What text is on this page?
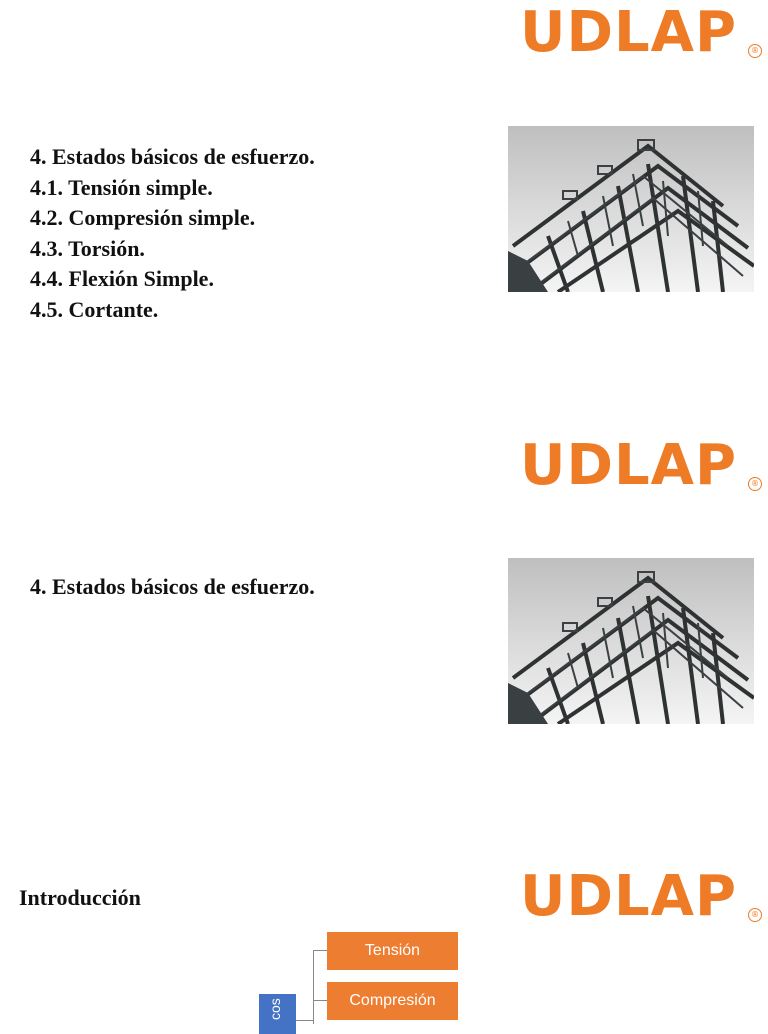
UDLAP	®
4. Estados básicos de esfuerzo.
4.1. Tensión simple.
4.2. Compresión simple.
4.3. Torsión.
4.4. Flexión Simple.
4.5. Cortante.
UDLAP	®
4. Estados básicos de esfuerzo.
UDLAP	®
Introducción
Tensión
Compresión
cos
